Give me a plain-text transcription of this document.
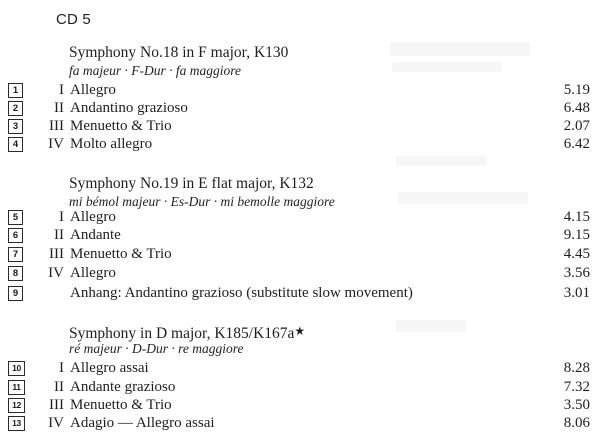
CD 5
Symphony No.18 in F major, K130
fa majeur · F-Dur · fa maggiore
1	I Allegro	5.19
2	II Andantino grazioso	6.48
3	III Menuetto & Trio	2.07
4	IV Molto allegro	6.42
Symphony No.19 in E flat major, K132
mi bémol majeur · Es-Dur · mi bemolle maggiore
5	I Allegro	4.15
6	II Andante	9.15
7	III Menuetto & Trio	4.45
8	IV Allegro	3.56
9	Anhang: Andantino grazioso (substitute slow movement)	3.01
Symphony in D major, K185/K167a★
ré majeur · D-Dur · re maggiore
10	I Allegro assai	8.28
11 II Andante grazioso	7.32
12 III Menuetto & Trio	3.50
13 IV Adagio — Allegro assai	8.06
